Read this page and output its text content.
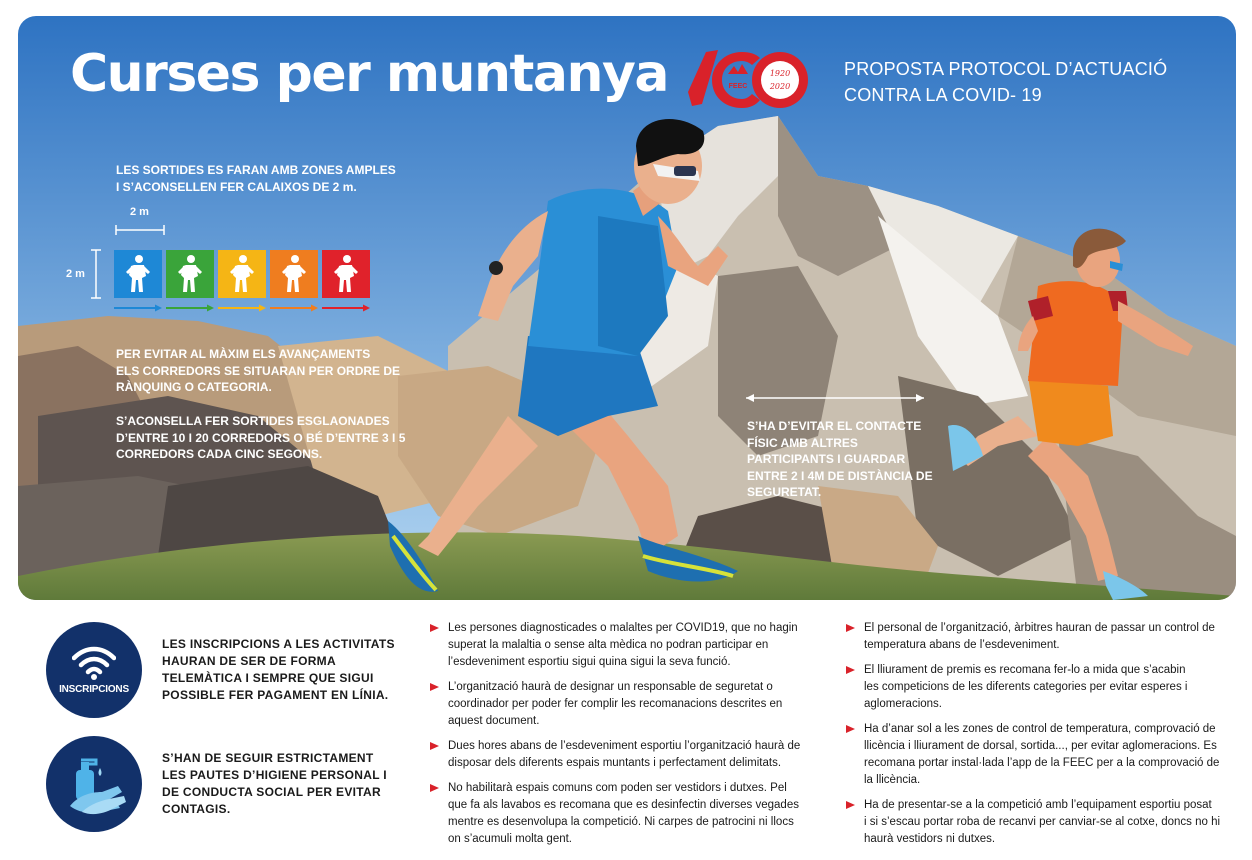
Curses per muntanya	1920
2020
FEEC
PROPOSTA PROTOCOL D’ACTUACIÓ
CONTRA LA COVID- 19
LES SORTIDES ES FARAN AMB ZONES AMPLES
I S’ACONSELLEN FER CALAIXOS DE 2 m.
2 m
2 m
PER EVITAR AL MÀXIM ELS AVANÇAMENTS
ELS CORREDORS SE SITUARAN PER ORDRE DE
RÀNQUING O CATEGORIA.
S’ACONSELLA FER SORTIDES ESGLAONADES
D’ENTRE 10 I 20 CORREDORS O BÉ D’ENTRE 3 I 5
CORREDORS CADA CINC SEGONS.
S’HA D’EVITAR EL CONTACTE
FÍSIC AMB ALTRES
PARTICIPANTS I GUARDAR
ENTRE 2 I 4M DE DISTÀNCIA DE
SEGURETAT.
INSCRIPCIONS
LES INSCRIPCIONS A LES ACTIVITATS
HAURAN DE SER DE FORMA
TELEMÀTICA I SEMPRE QUE SIGUI
POSSIBLE FER PAGAMENT EN LÍNIA.
S’HAN DE SEGUIR ESTRICTAMENT
LES PAUTES D’HIGIENE PERSONAL I
DE CONDUCTA SOCIAL PER EVITAR
CONTAGIS.
Les persones diagnosticades o malaltes per COVID19, que no hagin
superat la malaltia o sense alta mèdica no podran participar en
l’esdeveniment esportiu sigui quina sigui la seva funció.
L’organització haurà de designar un responsable de seguretat o
coordinador per poder fer complir les recomanacions descrites en
aquest document.
Dues hores abans de l’esdeveniment esportiu l’organització haurà de
disposar dels diferents espais muntants i perfectament delimitats.
No habilitarà espais comuns com poden ser vestidors i dutxes. Pel
que fa als lavabos es recomana que es desinfectin diverses vegades
mentre es desenvolupa la competició. Ni carpes de patrocini ni llocs
on s’acumuli molta gent.
El personal de l’organització, àrbitres hauran de passar un control de
temperatura abans de l’esdeveniment.
El lliurament de premis es recomana fer-lo a mida que s’acabin
les competicions de les diferents categories per evitar esperes i
aglomeracions.
Ha d’anar sol a les zones de control de temperatura, comprovació de
llicència i lliurament de dorsal, sortida..., per evitar aglomeracions. Es
recomana portar instal·lada l’app de la FEEC per a la comprovació de
la llicència.
Ha de presentar-se a la competició amb l’equipament esportiu posat
i si s’escau portar roba de recanvi per canviar-se al cotxe, doncs no hi
haurà vestidors ni dutxes.
